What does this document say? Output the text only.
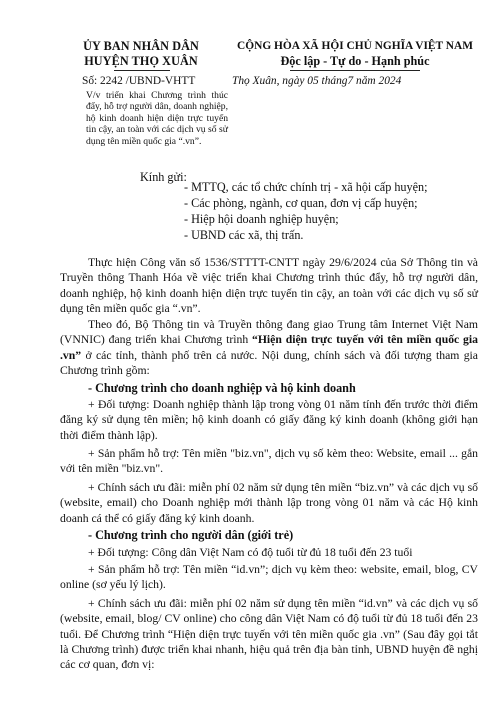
ỦY BAN NHÂN DÂN
HUYỆN THỌ XUÂN
Số: 2242 /UBND-VHTT
V/v triển khai Chương trình thúc đẩy, hỗ trợ người dân, doanh nghiệp, hộ kinh doanh hiện diện trực tuyến tin cậy, an toàn với các dịch vụ số sử dụng tên miền quốc gia “.vn”.
CỘNG HÒA XÃ HỘI CHỦ NGHĨA VIỆT NAM
Độc lập - Tự do - Hạnh phúc
Thọ Xuân, ngày 05 tháng7 năm 2024
Kính gửi:
- MTTQ, các tổ chức chính trị - xã hội cấp huyện;
- Các phòng, ngành, cơ quan, đơn vị cấp huyện;
- Hiệp hội doanh nghiệp huyện;
- UBND các xã, thị trấn.
Thực hiện Công văn số 1536/STTTT-CNTT ngày 29/6/2024 của Sở Thông tin và Truyền thông Thanh Hóa về việc triển khai Chương trình thúc đẩy, hỗ trợ người dân, doanh nghiệp, hộ kinh doanh hiện diện trực tuyến tin cậy, an toàn với các dịch vụ số sử dụng tên miền quốc gia “.vn”.
Theo đó, Bộ Thông tin và Truyền thông đang giao Trung tâm Internet Việt Nam (VNNIC) đang triển khai Chương trình “Hiện diện trực tuyến với tên miền quốc gia .vn” ở các tỉnh, thành phố trên cả nước. Nội dung, chính sách và đối tượng tham gia Chương trình gồm:
- Chương trình cho doanh nghiệp và hộ kinh doanh
+ Đối tượng: Doanh nghiệp thành lập trong vòng 01 năm tính đến trước thời điểm đăng ký sử dụng tên miền; hộ kinh doanh có giấy đăng ký kinh doanh (không giới hạn thời điểm thành lập).
+ Sản phẩm hỗ trợ: Tên miền "biz.vn", dịch vụ số kèm theo: Website, email ... gắn với tên miền "biz.vn".
+ Chính sách ưu đãi: miễn phí 02 năm sử dụng tên miền “biz.vn” và các dịch vụ số (website, email) cho Doanh nghiệp mới thành lập trong vòng 01 năm và các Hộ kinh doanh cá thể có giấy đăng ký kinh doanh.
- Chương trình cho người dân (giới trẻ)
+ Đối tượng: Công dân Việt Nam có độ tuổi từ đủ 18 tuổi đến 23 tuổi
+ Sản phẩm hỗ trợ: Tên miền “id.vn”; dịch vụ kèm theo: website, email, blog, CV online (sơ yếu lý lịch).
+ Chính sách ưu đãi: miễn phí 02 năm sử dụng tên miền “id.vn” và các dịch vụ số (website, email, blog/ CV online) cho công dân Việt Nam có độ tuổi từ đủ 18 tuổi đến 23 tuổi. Để Chương trình “Hiện diện trực tuyến với tên miền quốc gia .vn” (Sau đây gọi tắt là Chương trình) được triển khai nhanh, hiệu quả trên địa bàn tỉnh, UBND huyện đề nghị các cơ quan, đơn vị:
